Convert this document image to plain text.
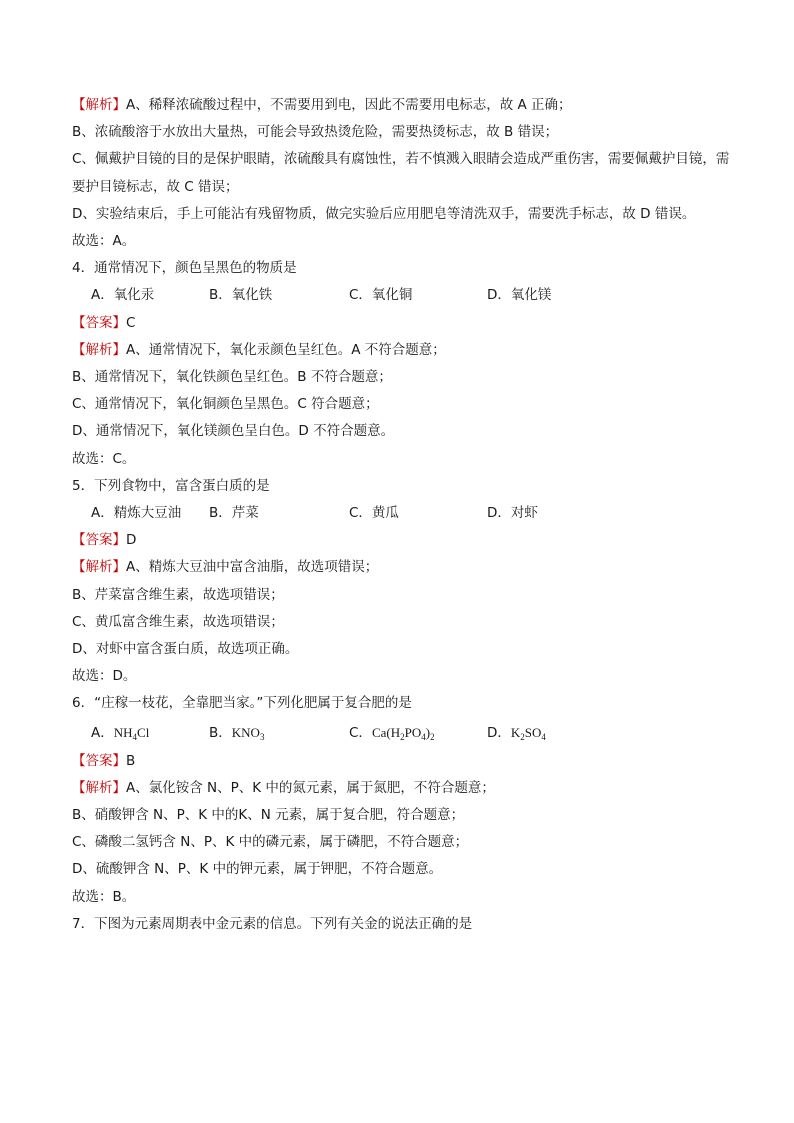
【解析】A、稀释浓硫酸过程中，不需要用到电，因此不需要用电标志，故 A 正确；
B、浓硫酸溶于水放出大量热，可能会导致热烫危险，需要热烫标志，故 B 错误；
C、佩戴护目镜的目的是保护眼睛，浓硫酸具有腐蚀性，若不慎溅入眼睛会造成严重伤害，需要佩戴护目镜，需要护目镜标志，故 C 错误；
D、实验结束后，手上可能沾有残留物质，做完实验后应用肥皂等清洗双手，需要洗手标志，故 D 错误。
故选：A。
4．通常情况下，颜色呈黑色的物质是
A．氧化汞	B．氧化铁	C．氧化铜	D．氧化镁
【答案】C
【解析】A、通常情况下，氧化汞颜色呈红色。A 不符合题意；
B、通常情况下，氧化铁颜色呈红色。B 不符合题意；
C、通常情况下，氧化铜颜色呈黑色。C 符合题意；
D、通常情况下，氧化镁颜色呈白色。D 不符合题意。
故选：C。
5．下列食物中，富含蛋白质的是
A．精炼大豆油 B．芹菜	C．黄瓜	D．对虾
【答案】D
【解析】A、精炼大豆油中富含油脂，故选项错误；
B、芹菜富含维生素，故选项错误；
C、黄瓜富含维生素，故选项错误；
D、对虾中富含蛋白质，故选项正确。
故选：D。
6．“庄稼一枝花，全靠肥当家。”下列化肥属于复合肥的是
A．$NH_4Cl$	B．$KNO_3$	C．$Ca(H_2PO_4)_2$	D．$K_2SO_4$
【答案】B
【解析】A、氯化铵含 N、P、K 中的氮元素，属于氮肥，不符合题意；
B、硝酸钾含 N、P、K 中的K、N 元素，属于复合肥，符合题意；
C、磷酸二氢钙含 N、P、K 中的磷元素，属于磷肥，不符合题意；
D、硫酸钾含 N、P、K 中的钾元素，属于钾肥，不符合题意。
故选：B。
7．下图为元素周期表中金元素的信息。下列有关金的说法正确的是
